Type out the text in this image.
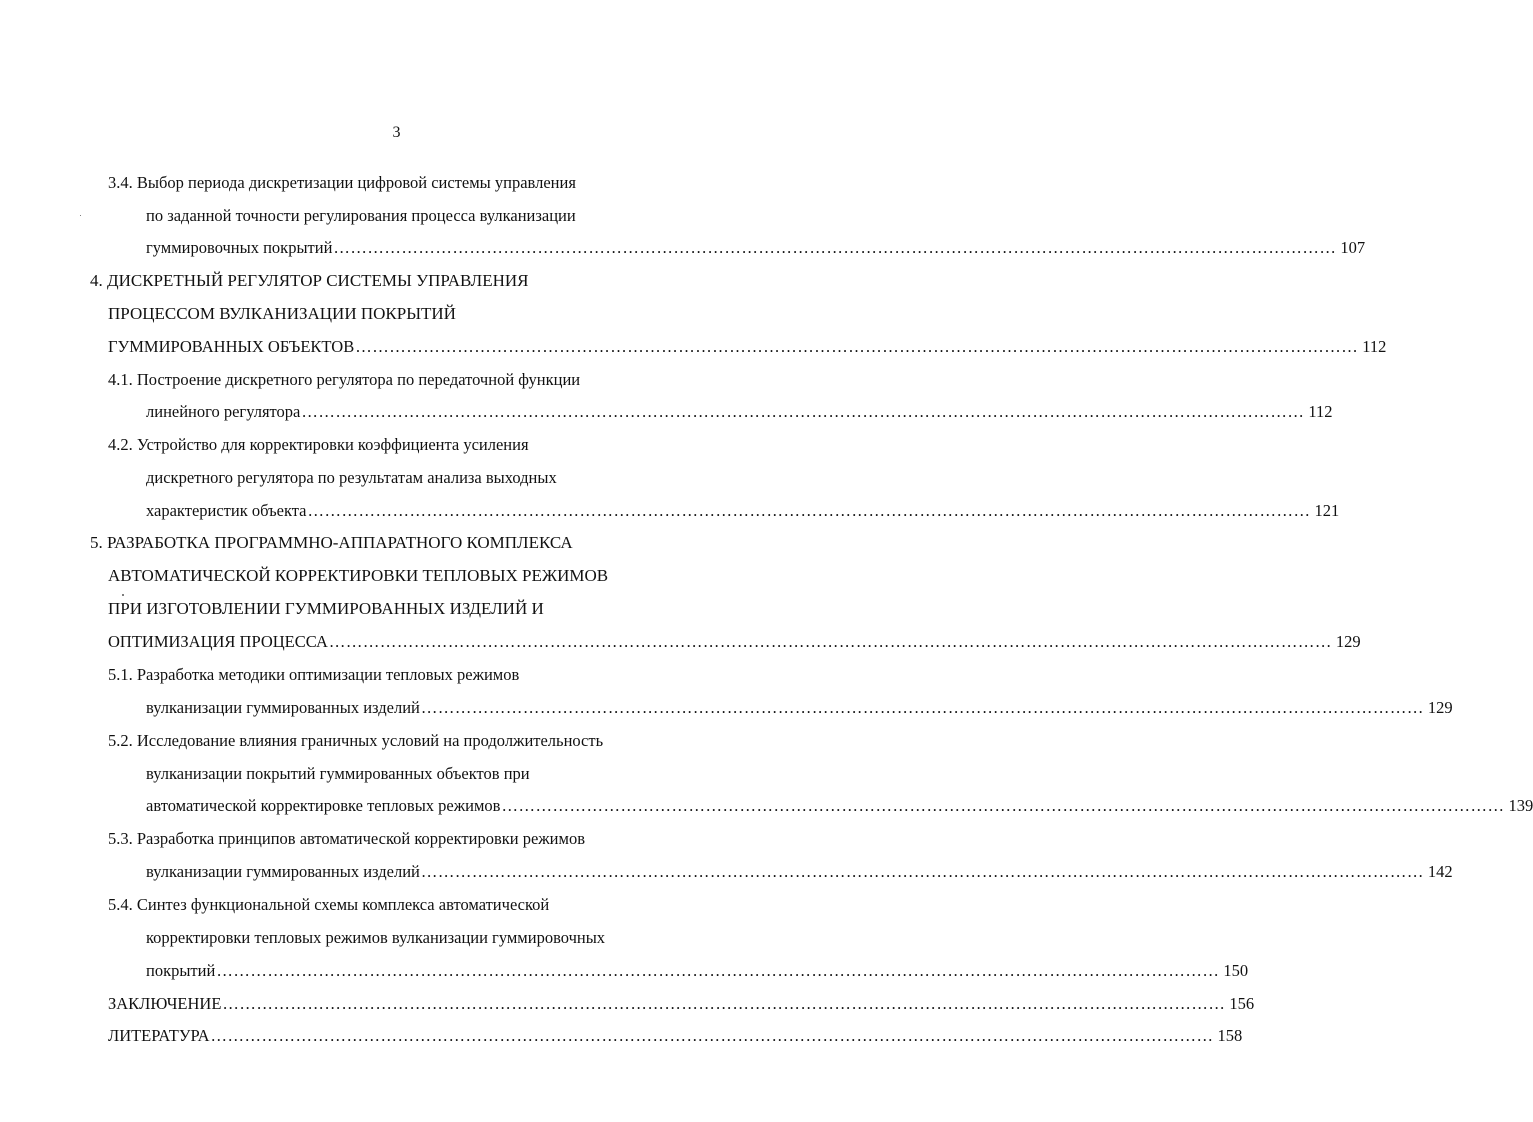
3
3.4. Выбор периода дискретизации цифровой системы управления
по заданной точности регулирования процесса вулканизации
гуммировочных покрытий …………………………………………………………………………………………………………………………………………………………… 107
4. ДИСКРЕТНЫЙ РЕГУЛЯТОР СИСТЕМЫ УПРАВЛЕНИЯ
ПРОЦЕССОМ ВУЛКАНИЗАЦИИ ПОКРЫТИЙ
ГУММИРОВАННЫХ ОБЪЕКТОВ …………………………………………………………………………………………………………………………………………………………… 112
4.1. Построение дискретного регулятора по передаточной функции
линейного регулятора …………………………………………………………………………………………………………………………………………………………… 112
4.2. Устройство для корректировки коэффициента усиления
дискретного регулятора по результатам анализа выходных
характеристик объекта …………………………………………………………………………………………………………………………………………………………… 121
5. РАЗРАБОТКА ПРОГРАММНО-АППАРАТНОГО КОМПЛЕКСА
АВТОМАТИЧЕСКОЙ КОРРЕКТИРОВКИ ТЕПЛОВЫХ РЕЖИМОВ
ПРИ ИЗГОТОВЛЕНИИ ГУММИРОВАННЫХ ИЗДЕЛИЙ И
ОПТИМИЗАЦИЯ ПРОЦЕССА …………………………………………………………………………………………………………………………………………………………… 129
5.1. Разработка методики оптимизации тепловых режимов
вулканизации гуммированных изделий …………………………………………………………………………………………………………………………………………………………… 129
5.2. Исследование влияния граничных условий на продолжительность
вулканизации покрытий гуммированных объектов при
автоматической корректировке тепловых режимов …………………………………………………………………………………………………………………………………………………………… 139
5.3. Разработка принципов автоматической корректировки режимов
вулканизации гуммированных изделий …………………………………………………………………………………………………………………………………………………………… 142
5.4. Синтез функциональной схемы комплекса автоматической
корректировки тепловых режимов вулканизации гуммировочных
покрытий …………………………………………………………………………………………………………………………………………………………… 150
ЗАКЛЮЧЕНИЕ …………………………………………………………………………………………………………………………………………………………… 156
ЛИТЕРАТУРА …………………………………………………………………………………………………………………………………………………………… 158
